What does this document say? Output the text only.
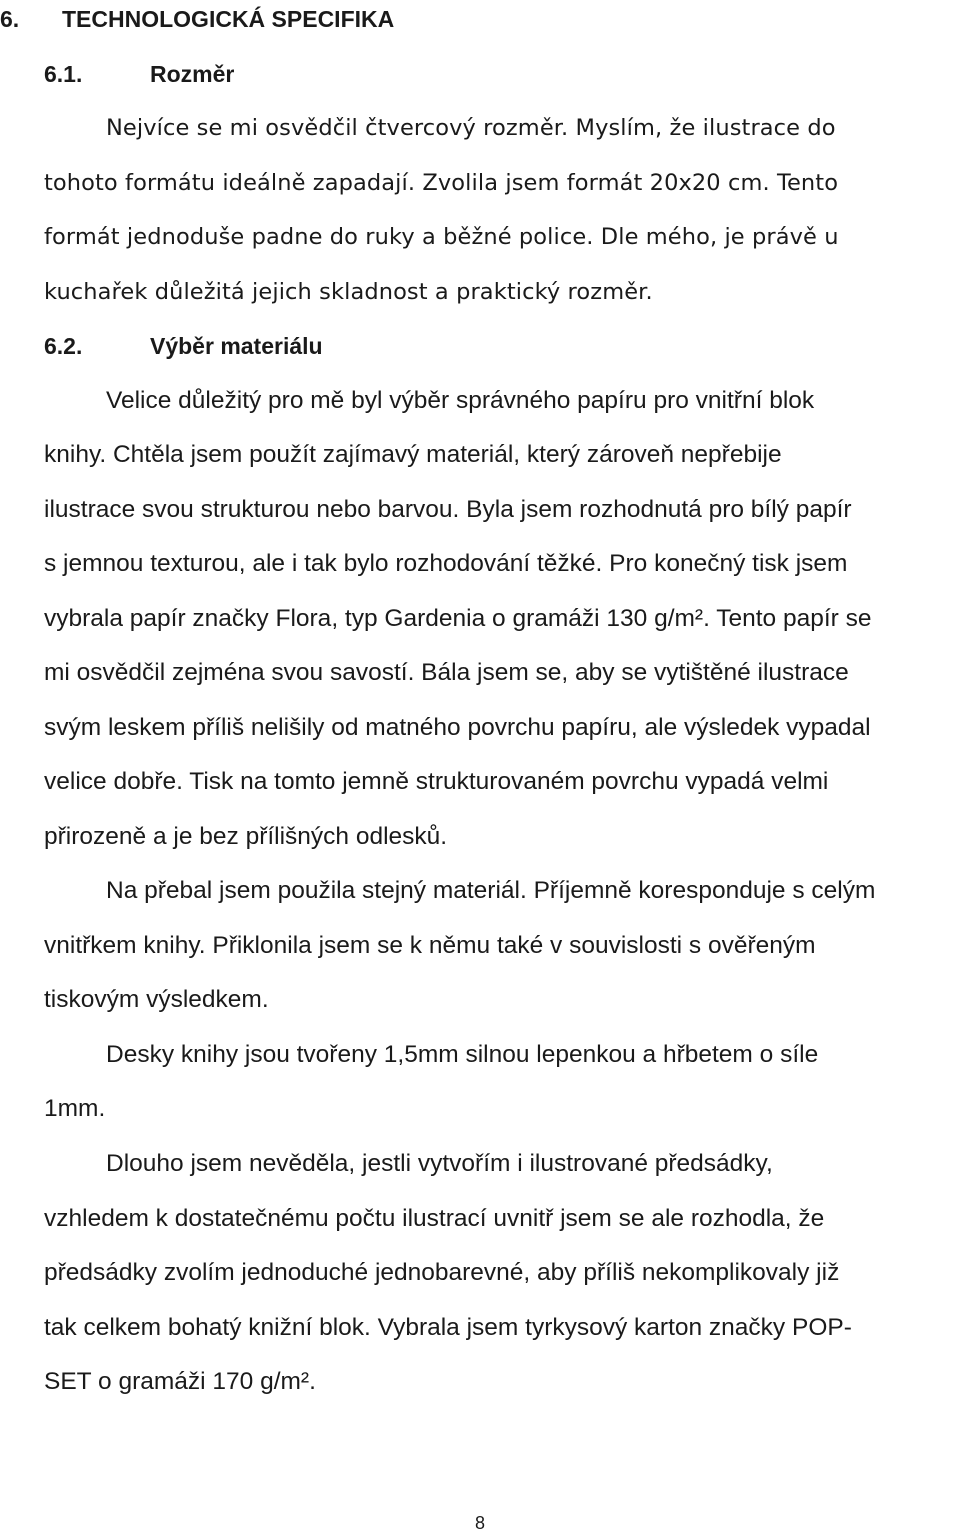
6. TECHNOLOGICKÁ SPECIFIKA
6.1.	Rozměr

Nejvíce se mi osvědčil čtvercový rozměr. Myslím, že ilustrace do

tohoto formátu ideálně zapadají. Zvolila jsem formát 20x20 cm. Tento

formát jednoduše padne do ruky a běžné police. Dle mého, je právě u

kuchařek důležitá jejich skladnost a praktický rozměr.

6.2.	Výběr materiálu

Velice důležitý pro mě byl výběr správného papíru pro vnitřní blok

knihy. Chtěla jsem použít zajímavý materiál, který zároveň nepřebije

ilustrace svou strukturou nebo barvou. Byla jsem rozhodnutá pro bílý papír

s jemnou texturou, ale i tak bylo rozhodování těžké. Pro konečný tisk jsem

vybrala papír značky Flora, typ Gardenia o gramáži 130 g/m². Tento papír se

mi osvědčil zejména svou savostí. Bála jsem se, aby se vytištěné ilustrace

svým leskem příliš nelišily od matného povrchu papíru, ale výsledek vypadal

velice dobře. Tisk na tomto jemně strukturovaném povrchu vypadá velmi

přirozeně a je bez přílišných odlesků.

Na přebal jsem použila stejný materiál. Příjemně koresponduje s celým

vnitřkem knihy. Přiklonila jsem se k němu také v souvislosti s ověřeným

tiskovým výsledkem.

Desky knihy jsou tvořeny 1,5mm silnou lepenkou a hřbetem o síle

1mm.

Dlouho jsem nevěděla, jestli vytvořím i ilustrované předsádky,

vzhledem k dostatečnému počtu ilustrací uvnitř jsem se ale rozhodla, že

předsádky zvolím jednoduché jednobarevné, aby příliš nekomplikovaly již

tak celkem bohatý knižní blok. Vybrala jsem tyrkysový karton značky POP-

SET o gramáži 170 g/m².

8
